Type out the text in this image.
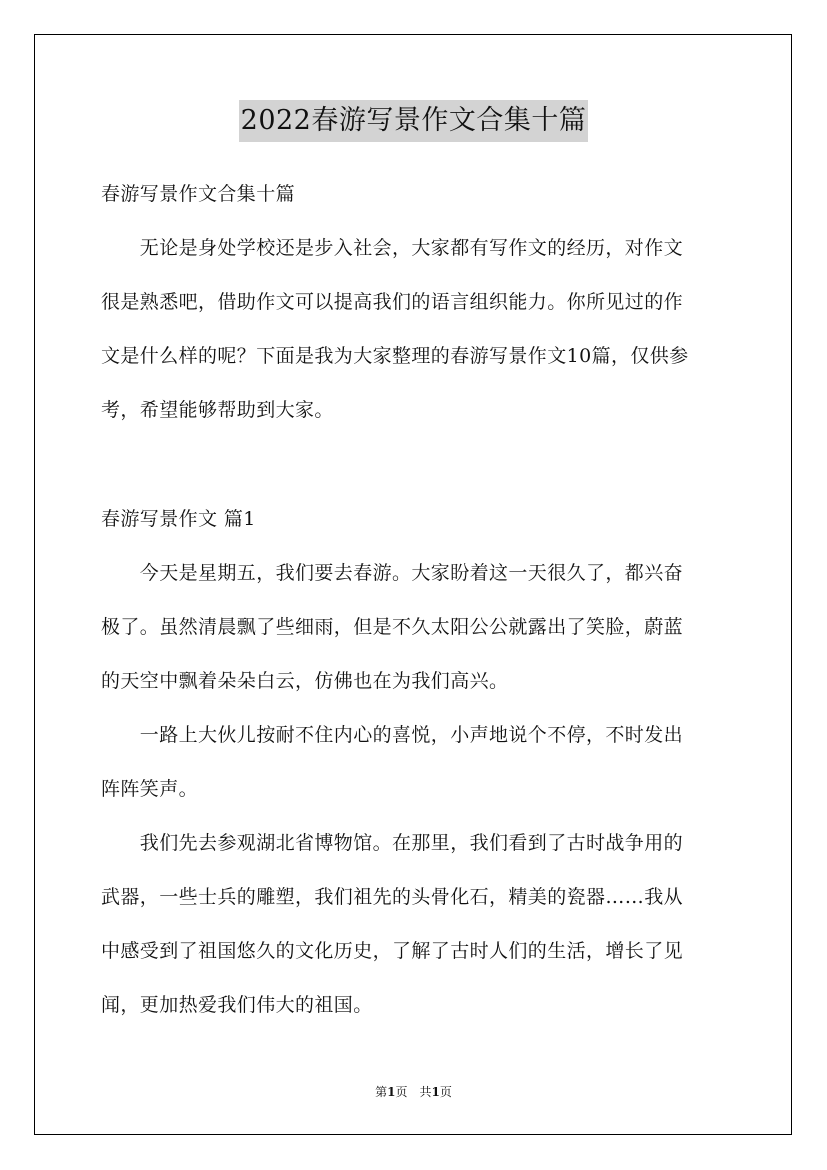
2022春游写景作文合集十篇
春游写景作文合集十篇
　　无论是身处学校还是步入社会，大家都有写作文的经历，对作文
很是熟悉吧，借助作文可以提高我们的语言组织能力。你所见过的作
文是什么样的呢？下面是我为大家整理的春游写景作文10篇，仅供参
考，希望能够帮助到大家。
春游写景作文 篇1
　　今天是星期五，我们要去春游。大家盼着这一天很久了，都兴奋
极了。虽然清晨飘了些细雨，但是不久太阳公公就露出了笑脸，蔚蓝
的天空中飘着朵朵白云，仿佛也在为我们高兴。
　　一路上大伙儿按耐不住内心的喜悦，小声地说个不停，不时发出
阵阵笑声。
　　我们先去参观湖北省博物馆。在那里，我们看到了古时战争用的
武器，一些士兵的雕塑，我们祖先的头骨化石，精美的瓷器……我从
中感受到了祖国悠久的文化历史，了解了古时人们的生活，增长了见
闻，更加热爱我们伟大的祖国。
第1页　共1页
